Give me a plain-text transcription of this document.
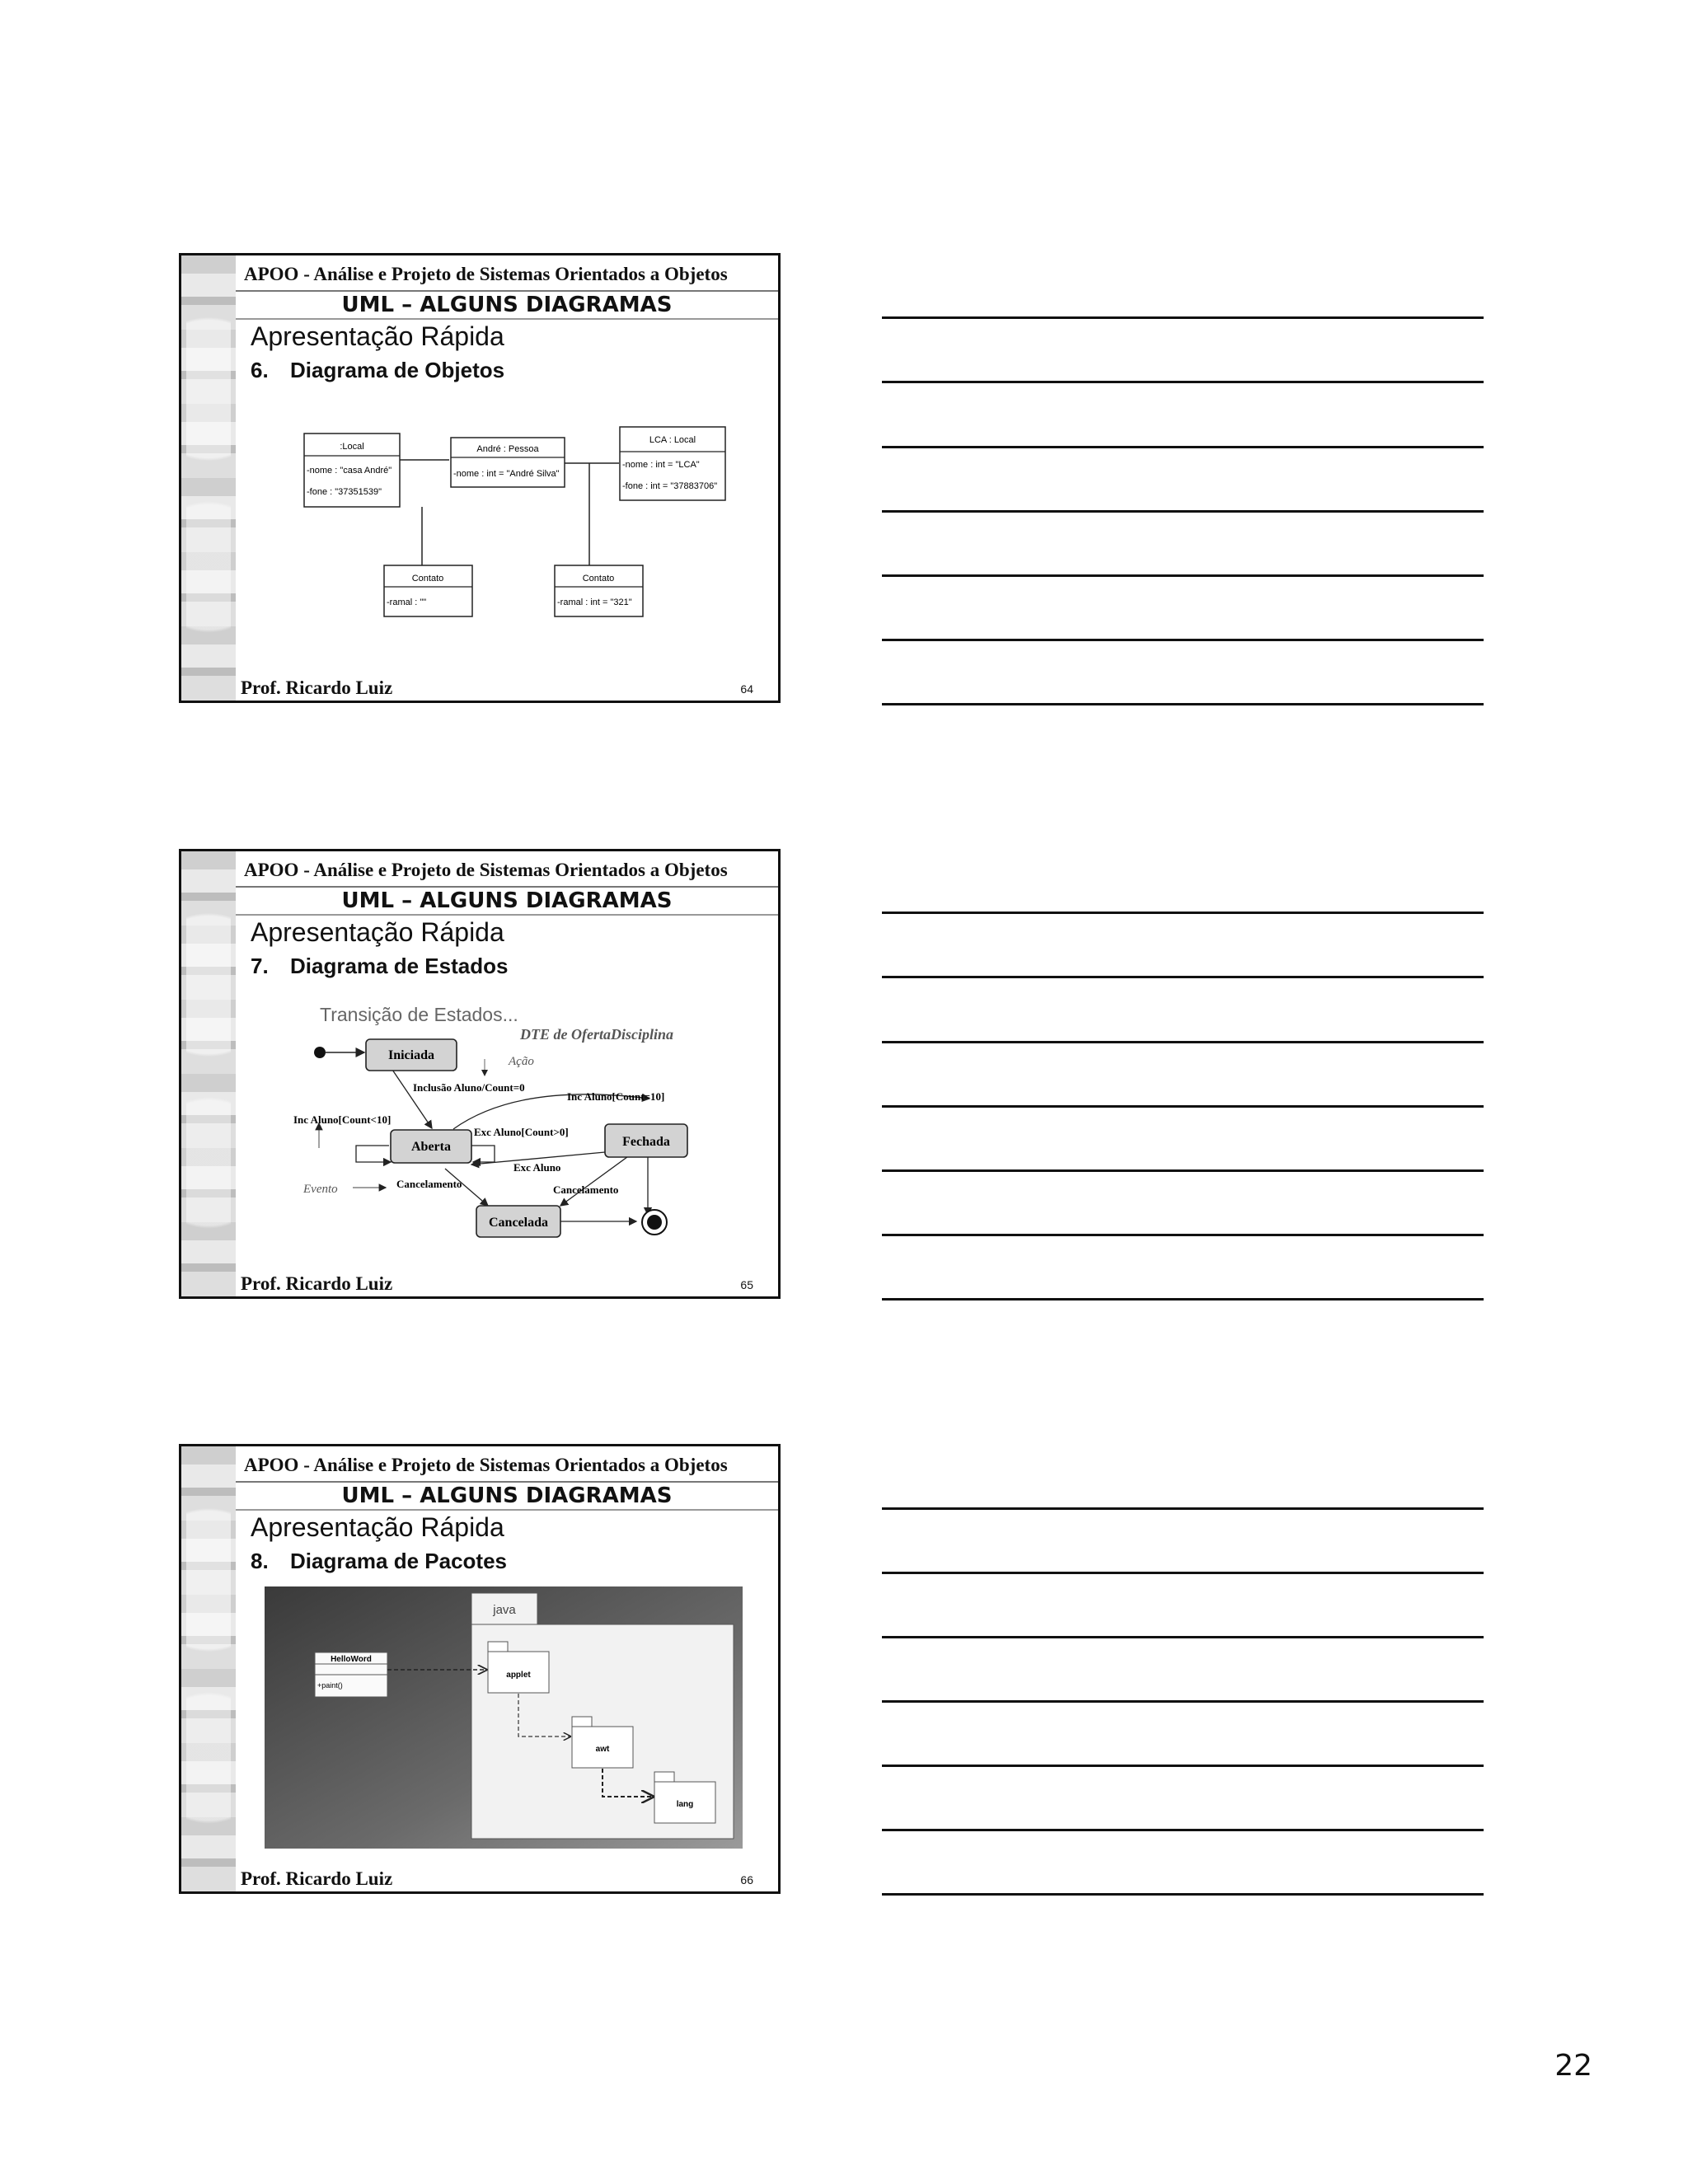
APOO - Análise e Projeto de Sistemas Orientados a Objetos
UML – ALGUNS DIAGRAMAS
Apresentação Rápida
6. Diagrama de Objetos
:Local
-nome : "casa André"
-fone : "37351539"
André : Pessoa
-nome : int = "André Silva"
LCA : Local
-nome : int = "LCA"
-fone : int = "37883706"
Contato
-ramal : ""
Contato
-ramal : int = "321"
Prof. Ricardo Luiz	64
APOO - Análise e Projeto de Sistemas Orientados a Objetos
UML – ALGUNS DIAGRAMAS
Apresentação Rápida
7. Diagrama de Estados
Transição de Estados...
DTE de OfertaDisciplina
Ação
Iniciada
Aberta	Fechada
Cancelada
Inclusão Aluno/Count=0
Inc Aluno[Count=10]
Inc Aluno[Count<10]
Exc Aluno[Count>0]
Exc Aluno
Cancelamento	Cancelamento
Evento
Prof. Ricardo Luiz	65
APOO - Análise e Projeto de Sistemas Orientados a Objetos
UML – ALGUNS DIAGRAMAS
Apresentação Rápida
8. Diagrama de Pacotes
java
HelloWord
+paint()
applet
awt
lang
Prof. Ricardo Luiz	66
22
